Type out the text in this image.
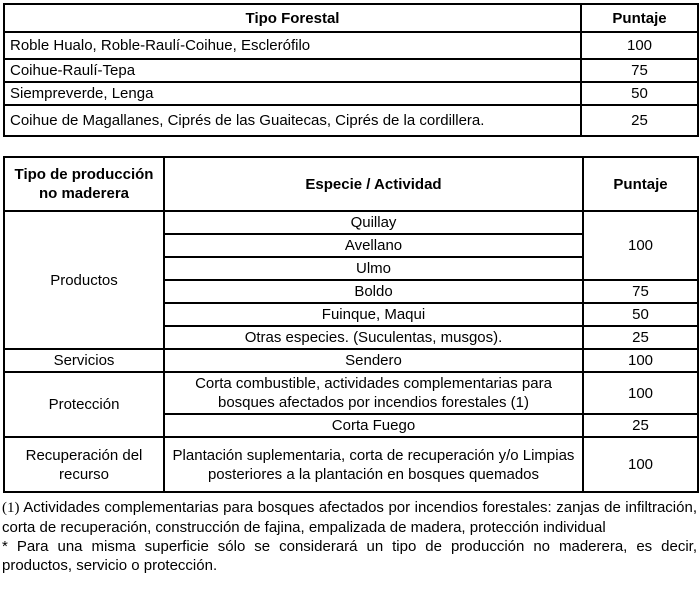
Tipo Forestal	Puntaje
Roble Hualo, Roble-Raulí-Coihue, Esclerófilo	100
Coihue-Raulí-Tepa	75
Siempreverde, Lenga	50
Coihue de Magallanes, Ciprés de las Guaitecas, Ciprés de la cordillera.	25
Tipo de producción no maderera	Especie / Actividad	Puntaje
Productos	Quillay	100
	Avellano	
	Ulmo	
	Boldo	75
	Fuinque, Maqui	50
	Otras especies. (Suculentas, musgos).	25
Servicios	Sendero	100
Protección	Corta combustible, actividades complementarias para bosques afectados por incendios forestales (1)	100
	Corta Fuego	25
Recuperación del recurso	Plantación suplementaria, corta de recuperación y/o Limpias posteriores a la plantación en bosques quemados	100

(1) Actividades complementarias para bosques afectados por incendios forestales: zanjas de infiltración, corta de recuperación, construcción de fajina, empalizada de madera, protección individual

* Para una misma superficie sólo se considerará un tipo de producción no maderera, es decir, productos, servicio o protección.
